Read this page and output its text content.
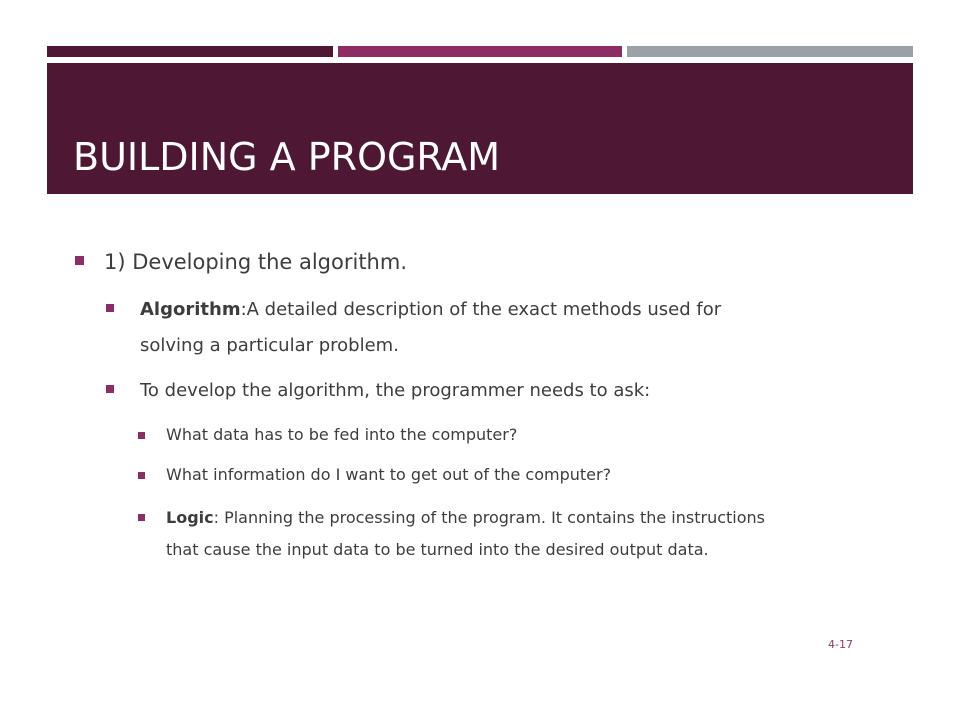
BUILDING A PROGRAM
1) Developing the algorithm.
Algorithm:A detailed description of the exact methods used for
solving a particular problem.
To develop the algorithm, the programmer needs to ask:
What data has to be fed into the computer?
What information do I want to get out of the computer?
Logic: Planning the processing of the program. It contains the instructions
that cause the input data to be turned into the desired output data.
4-17
